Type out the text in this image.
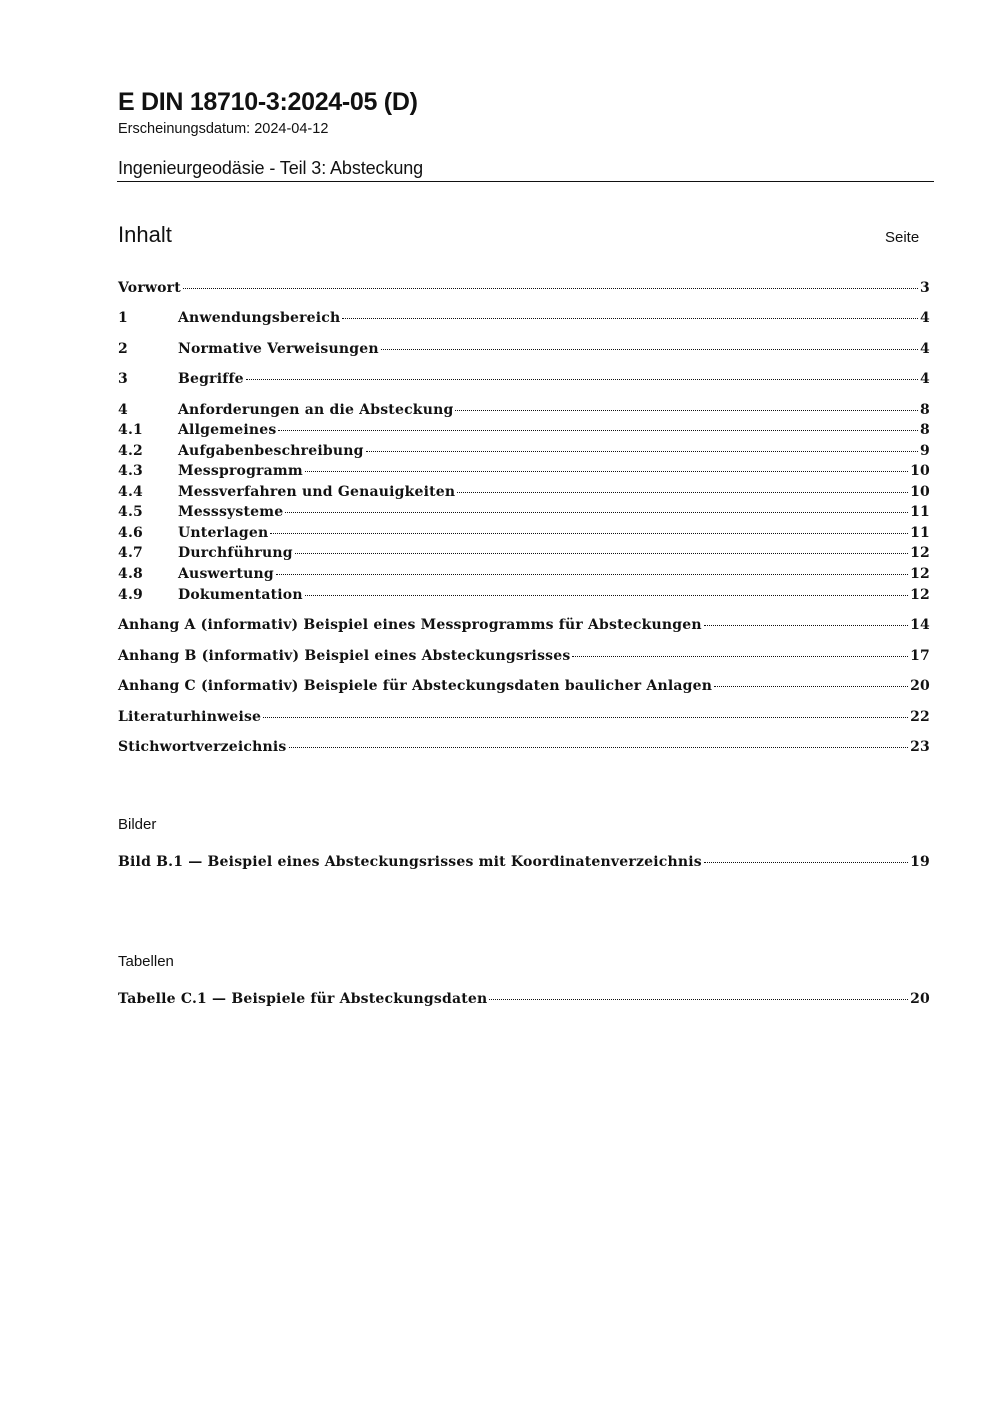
E DIN 18710-3:2024-05 (D)
Erscheinungsdatum: 2024-04-12
Ingenieurgeodäsie - Teil 3: Absteckung
Inhalt	Seite
Vorwort	3
1	Anwendungsbereich	4
2	Normative Verweisungen	4
3	Begriffe	4
4	Anforderungen an die Absteckung	8
4.1	Allgemeines	8
4.2	Aufgabenbeschreibung	9
4.3	Messprogramm	10
4.4	Messverfahren und Genauigkeiten	10
4.5	Messsysteme	11
4.6	Unterlagen	11
4.7	Durchführung	12
4.8	Auswertung	12
4.9	Dokumentation	12
Anhang A (informativ) Beispiel eines Messprogramms für Absteckungen	14
Anhang B (informativ) Beispiel eines Absteckungsrisses	17
Anhang C (informativ) Beispiele für Absteckungsdaten baulicher Anlagen	20
Literaturhinweise	22
Stichwortverzeichnis	23
Bilder
Bild B.1 — Beispiel eines Absteckungsrisses mit Koordinatenverzeichnis	19
Tabellen
Tabelle C.1 — Beispiele für Absteckungsdaten	20
